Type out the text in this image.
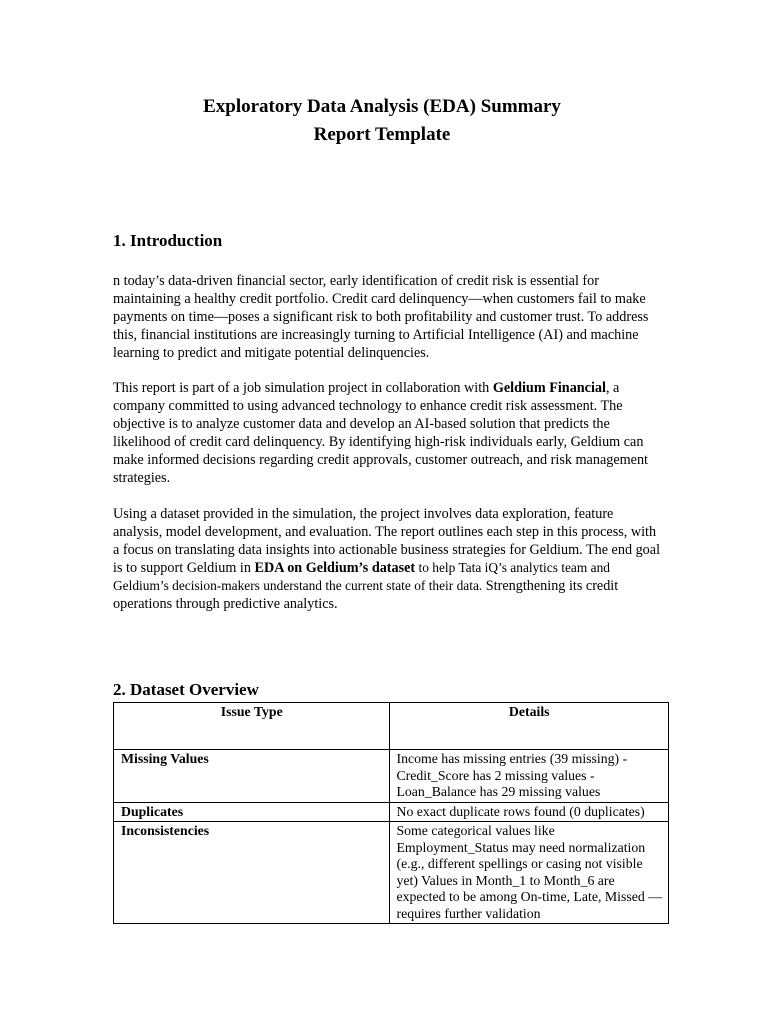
Exploratory Data Analysis (EDA) Summary
Report Template
1. Introduction

n today’s data-driven financial sector, early identification of credit risk is essential for maintaining a healthy credit portfolio. Credit card delinquency—when customers fail to make payments on time—poses a significant risk to both profitability and customer trust. To address this, financial institutions are increasingly turning to Artificial Intelligence (AI) and machine learning to predict and mitigate potential delinquencies.

This report is part of a job simulation project in collaboration with Geldium Financial, a company committed to using advanced technology to enhance credit risk assessment. The objective is to analyze customer data and develop an AI-based solution that predicts the likelihood of credit card delinquency. By identifying high-risk individuals early, Geldium can make informed decisions regarding credit approvals, customer outreach, and risk management strategies.

Using a dataset provided in the simulation, the project involves data exploration, feature analysis, model development, and evaluation. The report outlines each step in this process, with a focus on translating data insights into actionable business strategies for Geldium. The end goal is to support Geldium in EDA on Geldium’s dataset to help Tata iQ’s analytics team and Geldium’s decision-makers understand the current state of their data. Strengthening its credit operations through predictive analytics.

2. Dataset Overview
Issue Type	Details
Missing Values	Income has missing entries (39 missing) - Credit_Score has 2 missing values - Loan_Balance has 29 missing values
Duplicates	No exact duplicate rows found (0 duplicates)
Inconsistencies	Some categorical values like Employment_Status may need normalization (e.g., different spellings or casing not visible yet) Values in Month_1 to Month_6 are expected to be among On-time, Late, Missed — requires further validation
